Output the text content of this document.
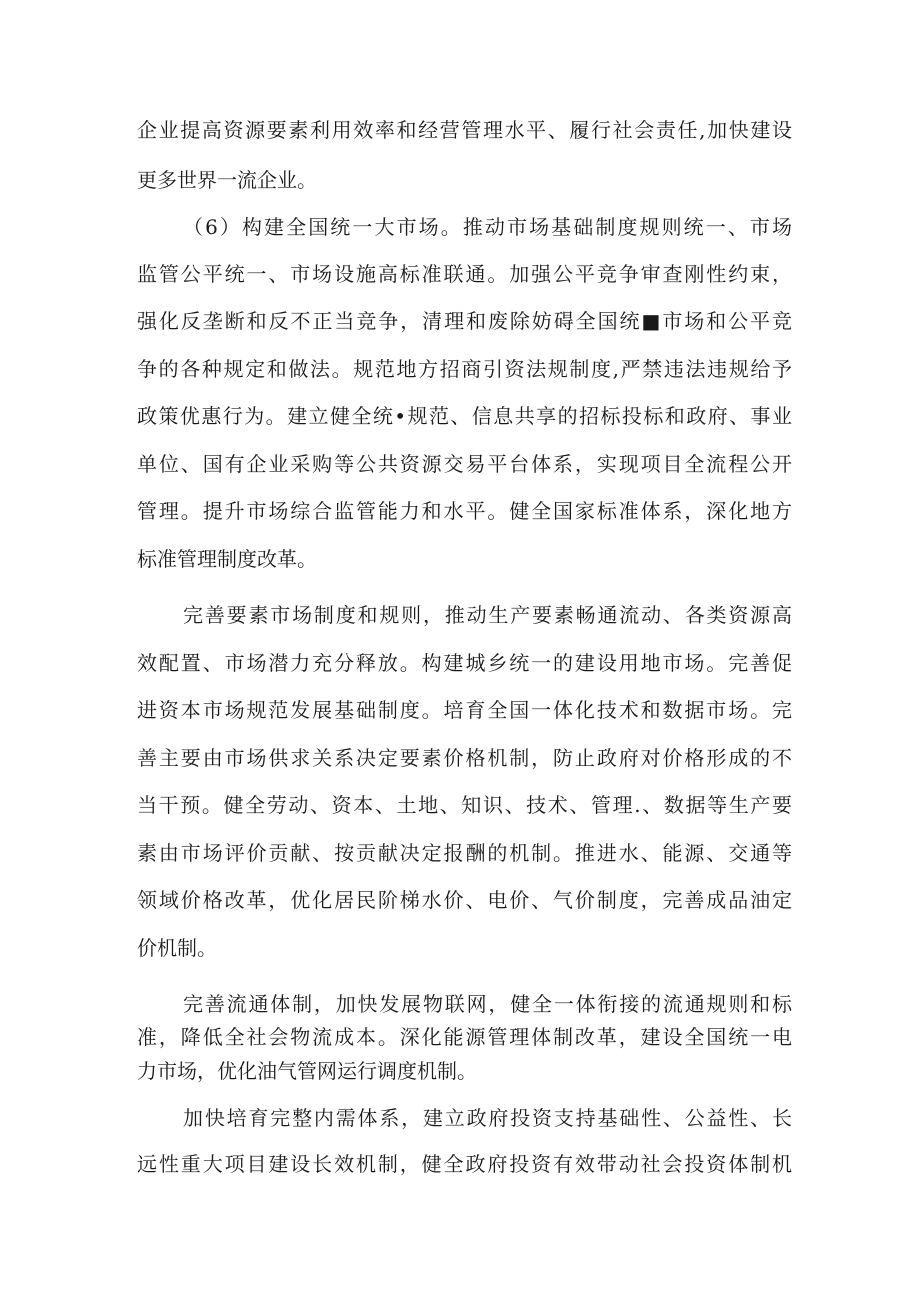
企业提高资源要素利用效率和经营管理水平、履行社会责任,加快建设
更多世界一流企业。
（6）构建全国统一大市场。推动市场基础制度规则统一、市场
监管公平统一、市场设施高标准联通。加强公平竞争审查刚性约束，
强化反垄断和反不正当竞争，清理和废除妨碍全国统■市场和公平竞
争的各种规定和做法。规范地方招商引资法规制度,严禁违法违规给予
政策优惠行为。建立健全统•规范、信息共享的招标投标和政府、事业
单位、国有企业采购等公共资源交易平台体系，实现项目全流程公开
管理。提升市场综合监管能力和水平。健全国家标准体系，深化地方
标准管理制度改革。
完善要素市场制度和规则，推动生产要素畅通流动、各类资源高
效配置、市场潜力充分释放。构建城乡统一的建设用地市场。完善促
进资本市场规范发展基础制度。培育全国一体化技术和数据市场。完
善主要由市场供求关系决定要素价格机制，防止政府对价格形成的不
当干预。健全劳动、资本、土地、知识、技术、管理.、数据等生产要
素由市场评价贡献、按贡献决定报酬的机制。推进水、能源、交通等
领域价格改革，优化居民阶梯水价、电价、气价制度，完善成品油定
价机制。
完善流通体制，加快发展物联网，健全一体衔接的流通规则和标
准，降低全社会物流成本。深化能源管理体制改革，建设全国统一电
力市场，优化油气管网运行调度机制。
加快培育完整内需体系，建立政府投资支持基础性、公益性、长
远性重大项目建设长效机制，健全政府投资有效带动社会投资体制机
